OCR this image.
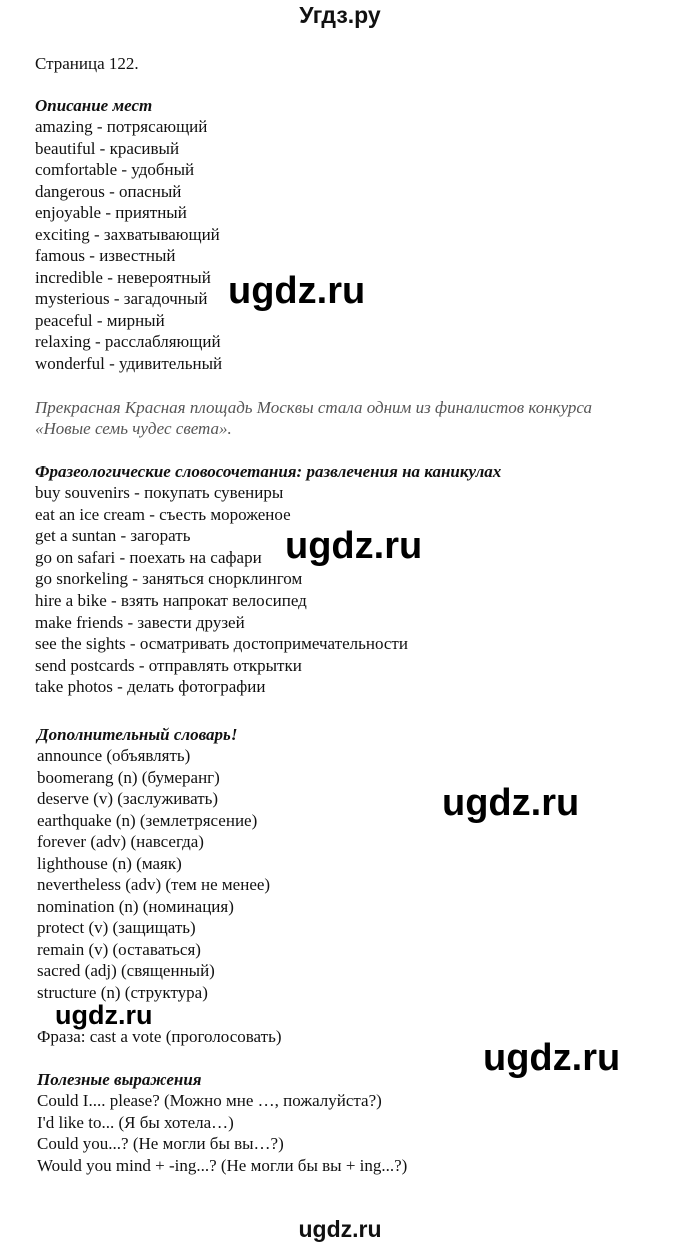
Угдз.ру
Страница 122.
Описание мест
amazing - потрясающий
beautiful - красивый
comfortable - удобный
dangerous - опасный
enjoyable - приятный
exciting - захватывающий
famous - известный
incredible - невероятный
mysterious - загадочный
peaceful - мирный
relaxing - расслабляющий
wonderful - удивительный
Прекрасная Красная площадь Москвы стала одним из финалистов конкурса
«Новые семь чудес света».
Фразеологические словосочетания: развлечения на каникулах
buy souvenirs - покупать сувениры
eat an ice cream - съесть мороженое
get a suntan - загорать
go on safari - поехать на сафари
go snorkeling - заняться снорклингом
hire a bike - взять напрокат велосипед
make friends - завести друзей
see the sights - осматривать достопримечательности
send postcards - отправлять открытки
take photos - делать фотографии
Дополнительный словарь!
announce (объявлять)
boomerang (n) (бумеранг)
deserve (v) (заслуживать)
earthquake (n) (землетрясение)
forever (adv) (навсегда)
lighthouse (n) (маяк)
nevertheless (adv) (тем не менее)
nomination (n) (номинация)
protect (v) (защищать)
remain (v) (оставаться)
sacred (adj) (священный)
structure (n) (структура)
Фраза: cast a vote (проголосовать)
Полезные выражения
Could I.... please? (Можно мне …, пожалуйста?)
I'd like to... (Я бы хотела…)
Could you...? (Не могли бы вы…?)
Would you mind + -ing...? (Не могли бы вы + ing...?)
ugdz.ru
ugdz.ru
ugdz.ru
ugdz.ru
ugdz.ru
ugdz.ru
